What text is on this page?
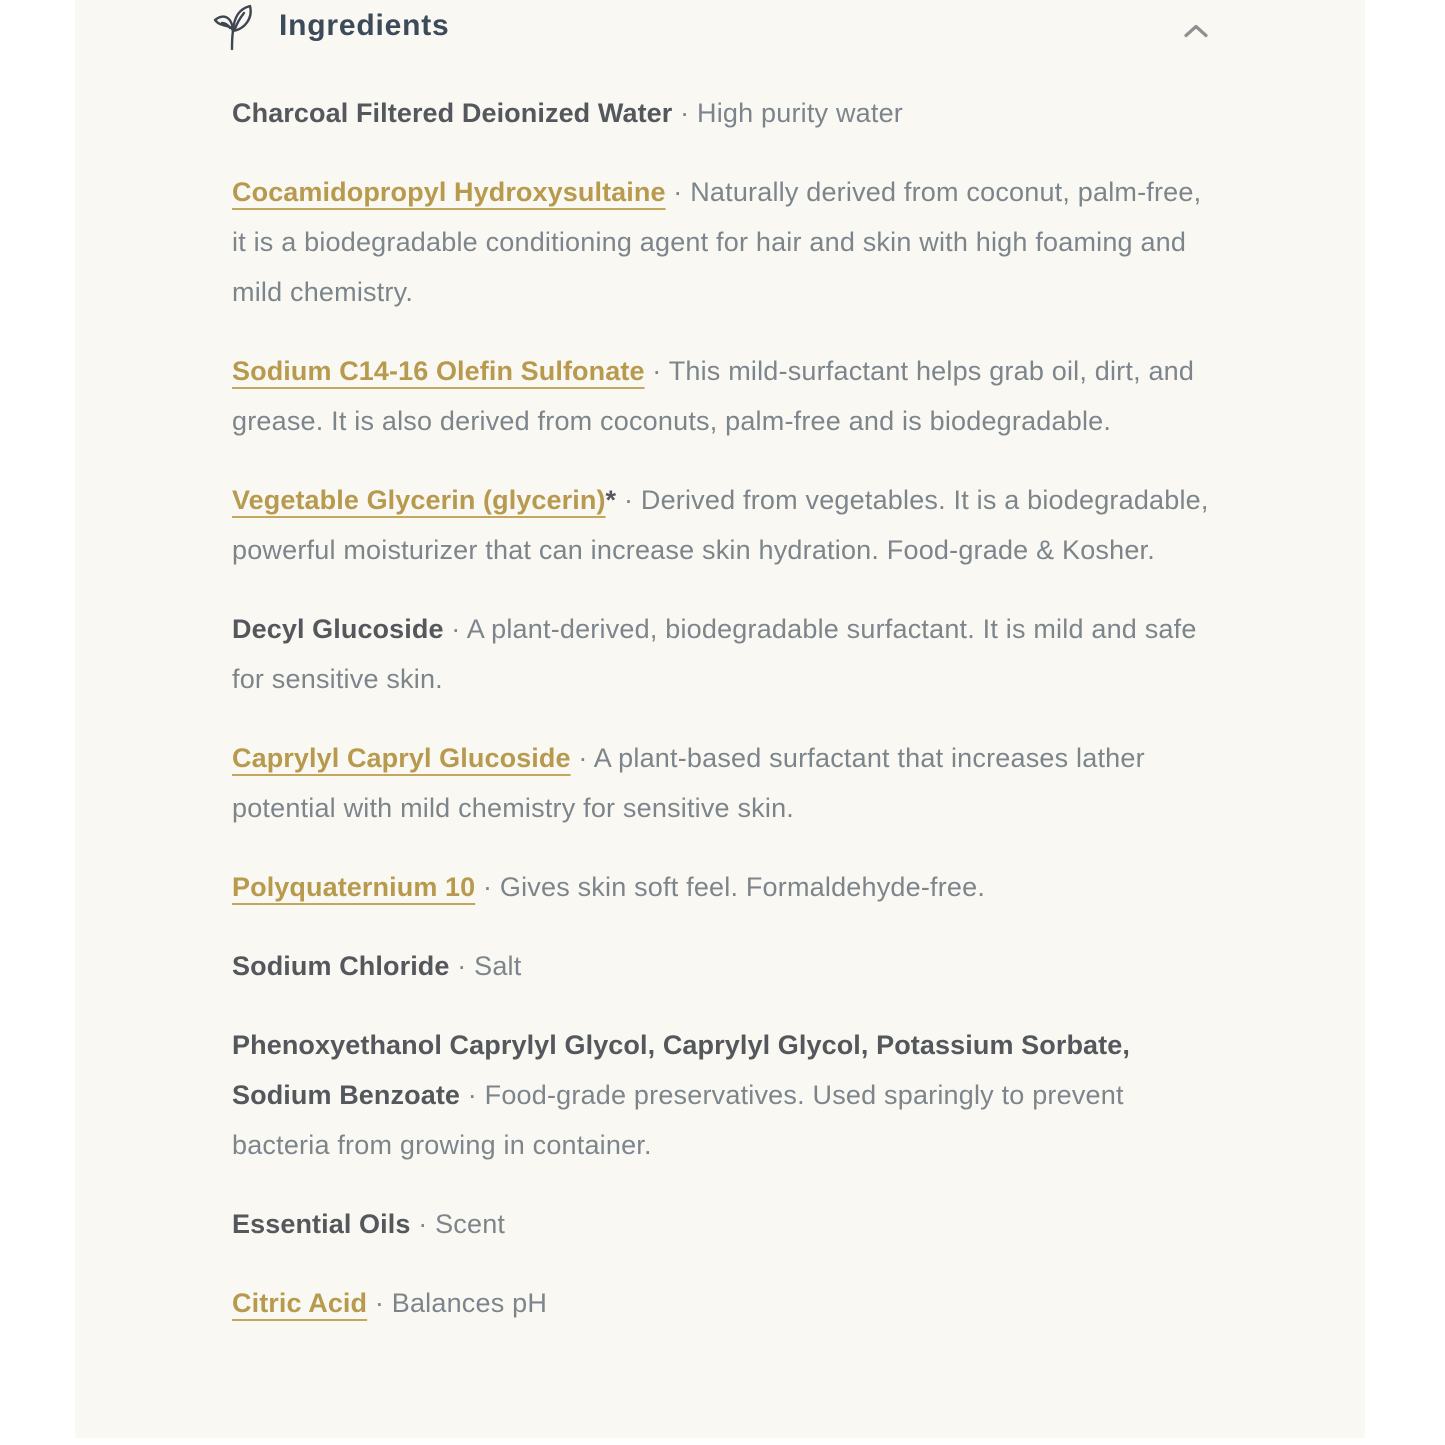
Ingredients

Charcoal Filtered Deionized Water · High purity water

Cocamidopropyl Hydroxysultaine · Naturally derived from coconut, palm-free, it is a biodegradable conditioning agent for hair and skin with high foaming and mild chemistry.

Sodium C14-16 Olefin Sulfonate · This mild-surfactant helps grab oil, dirt, and grease. It is also derived from coconuts, palm-free and is biodegradable.

Vegetable Glycerin (glycerin)* · Derived from vegetables. It is a biodegradable, powerful moisturizer that can increase skin hydration. Food-grade & Kosher.

Decyl Glucoside · A plant-derived, biodegradable surfactant. It is mild and safe for sensitive skin.

Caprylyl Capryl Glucoside · A plant-based surfactant that increases lather potential with mild chemistry for sensitive skin.

Polyquaternium 10 · Gives skin soft feel. Formaldehyde-free.

Sodium Chloride · Salt

Phenoxyethanol Caprylyl Glycol, Caprylyl Glycol, Potassium Sorbate, Sodium Benzoate · Food-grade preservatives. Used sparingly to prevent bacteria from growing in container.

Essential Oils · Scent

Citric Acid · Balances pH
